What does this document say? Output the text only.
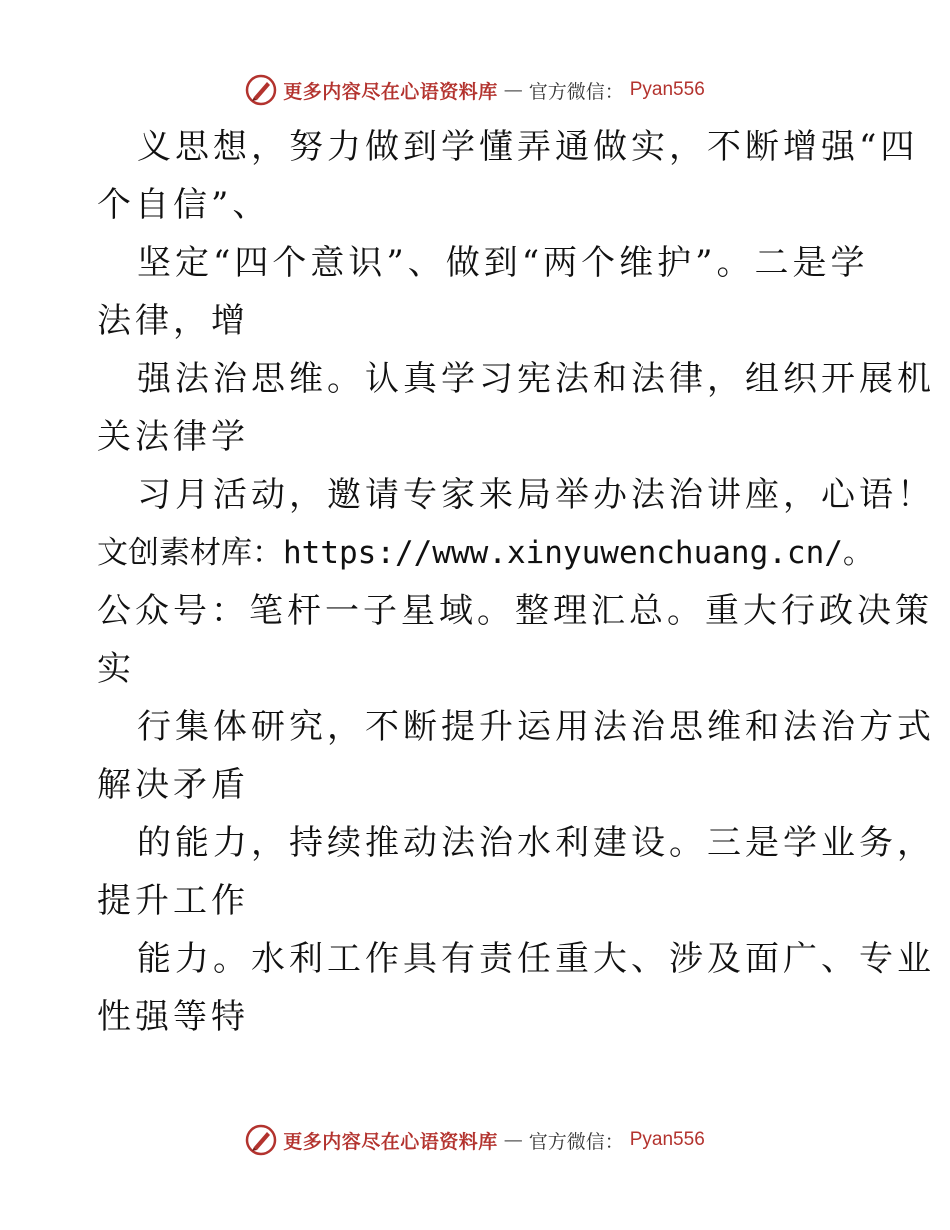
更多内容尽在心语资料库 — 官方微信： Pyan556
义思想，努力做到学懂弄通做实，不断增强“四
个自信”、
坚定“四个意识”、做到“两个维护”。二是学
法律，增
强法治思维。认真学习宪法和法律，组织开展机
关法律学
习月活动，邀请专家来局举办法治讲座，心语！
文创素材库：https://www.xinyuwenchuang.cn/。
公众号：笔杆一子星域。整理汇总。重大行政决策
实
行集体研究，不断提升运用法治思维和法治方式
解决矛盾
的能力，持续推动法治水利建设。三是学业务，
提升工作
能力。水利工作具有责任重大、涉及面广、专业
性强等特
更多内容尽在心语资料库 — 官方微信： Pyan556
